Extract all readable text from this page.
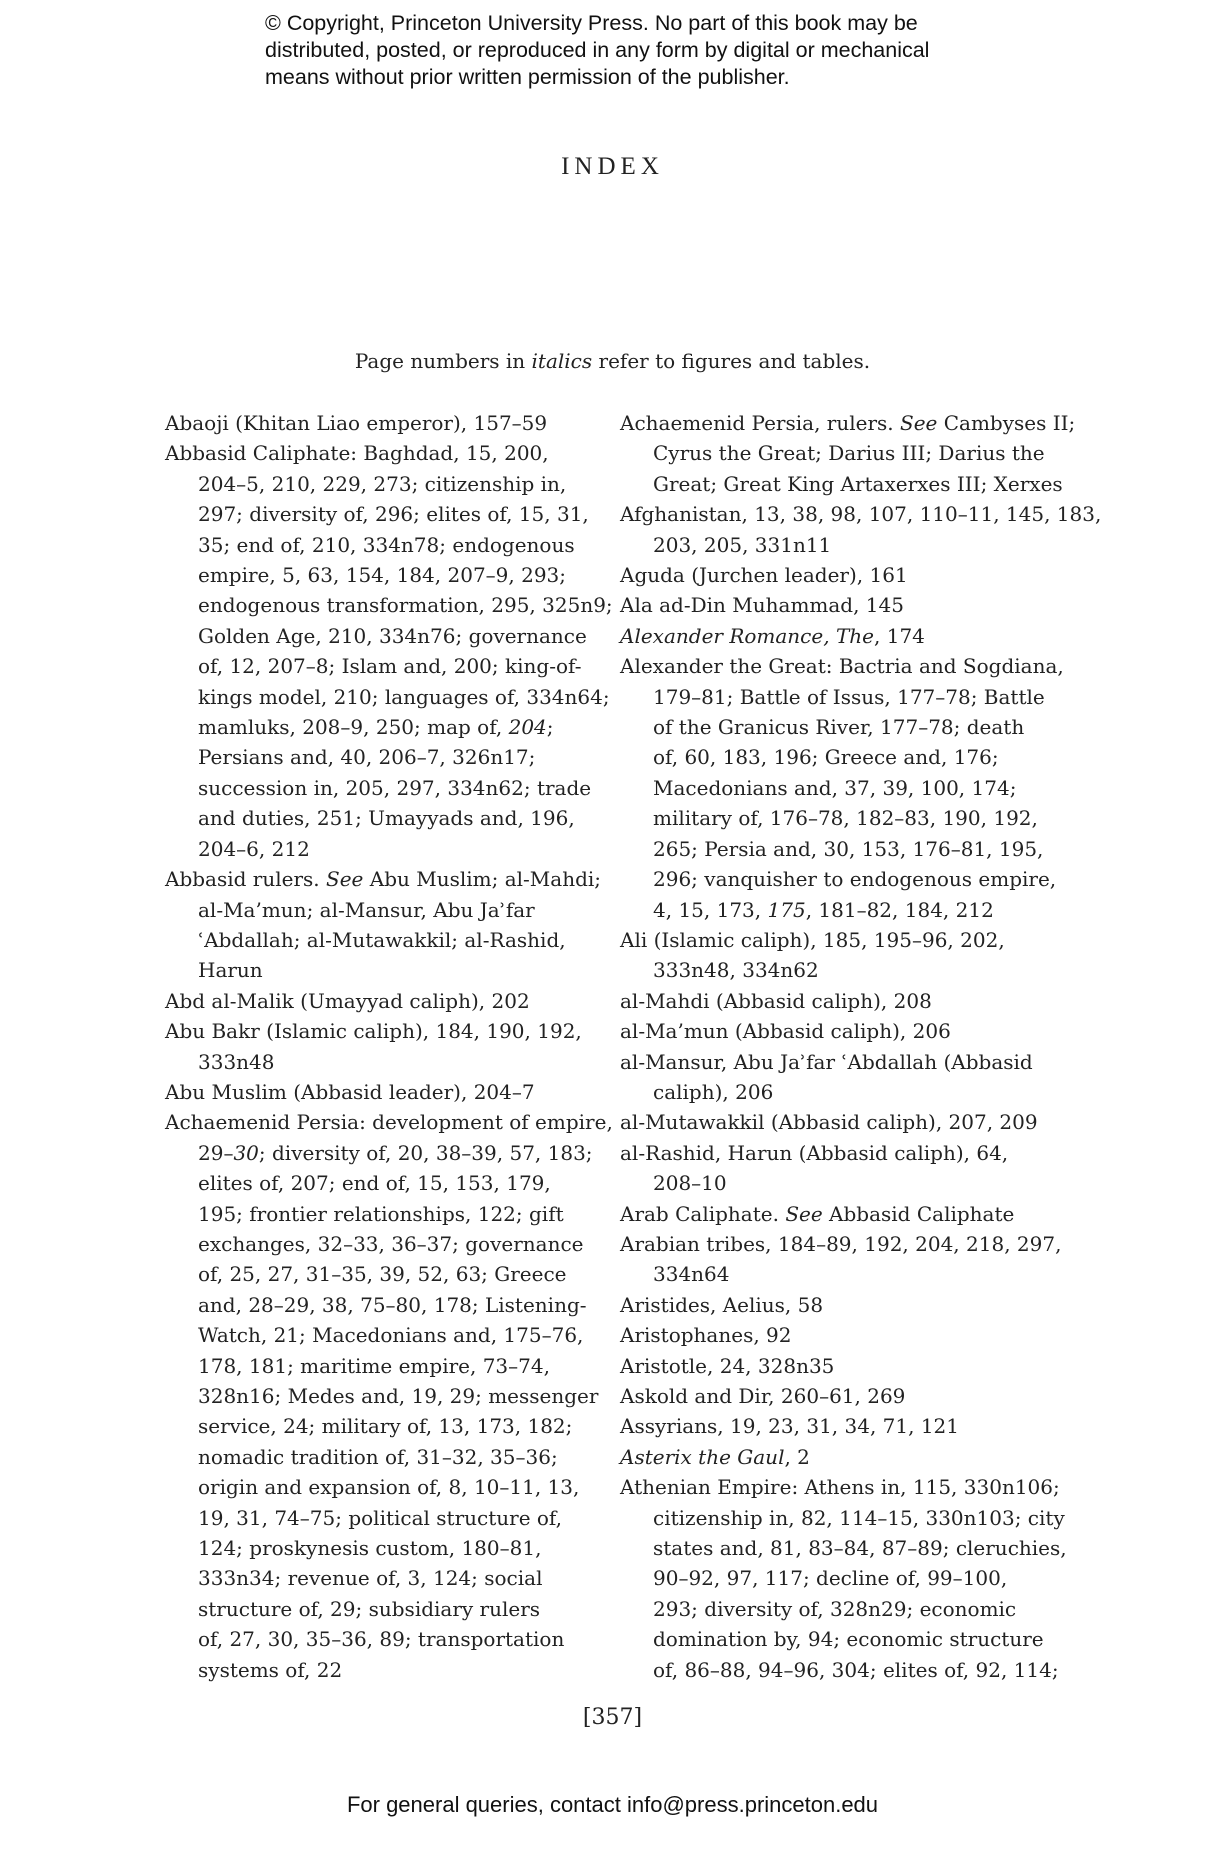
© Copyright, Princeton University Press. No part of this book may be
distributed, posted, or reproduced in any form by digital or mechanical
means without prior written permission of the publisher.
INDEX
Page numbers in italics refer to figures and tables.
Abaoji (Khitan Liao emperor), 157–59
Abbasid Caliphate: Baghdad, 15, 200,
204–5, 210, 229, 273; citizenship in,
297; diversity of, 296; elites of, 15, 31,
35; end of, 210, 334n78; endogenous
empire, 5, 63, 154, 184, 207–9, 293;
endogenous transformation, 295, 325n9;
Golden Age, 210, 334n76; governance
of, 12, 207–8; Islam and, 200; king-of-
kings model, 210; languages of, 334n64;
mamluks, 208–9, 250; map of, 204;
Persians and, 40, 206–7, 326n17;
succession in, 205, 297, 334n62; trade
and duties, 251; Umayyads and, 196,
204–6, 212
Abbasid rulers. See Abu Muslim; al-Mahdi;
al-Ma’mun; al-Mansur, Abu Jaʾfar
ʿAbdallah; al-Mutawakkil; al-Rashid,
Harun
Abd al-Malik (Umayyad caliph), 202
Abu Bakr (Islamic caliph), 184, 190, 192,
333n48
Abu Muslim (Abbasid leader), 204–7
Achaemenid Persia: development of empire,
29–30; diversity of, 20, 38–39, 57, 183;
elites of, 207; end of, 15, 153, 179,
195; frontier relationships, 122; gift
exchanges, 32–33, 36–37; governance
of, 25, 27, 31–35, 39, 52, 63; Greece
and, 28–29, 38, 75–80, 178; Listening-
Watch, 21; Macedonians and, 175–76,
178, 181; maritime empire, 73–74,
328n16; Medes and, 19, 29; messenger
service, 24; military of, 13, 173, 182;
nomadic tradition of, 31–32, 35–36;
origin and expansion of, 8, 10–11, 13,
19, 31, 74–75; political structure of,
124; proskynesis custom, 180–81,
333n34; revenue of, 3, 124; social
structure of, 29; subsidiary rulers
of, 27, 30, 35–36, 89; transportation
systems of, 22
Achaemenid Persia, rulers. See Cambyses II;
Cyrus the Great; Darius III; Darius the
Great; Great King Artaxerxes III; Xerxes
Afghanistan, 13, 38, 98, 107, 110–11, 145, 183,
203, 205, 331n11
Aguda (Jurchen leader), 161
Ala ad-Din Muhammad, 145
Alexander Romance, The, 174
Alexander the Great: Bactria and Sogdiana,
179–81; Battle of Issus, 177–78; Battle
of the Granicus River, 177–78; death
of, 60, 183, 196; Greece and, 176;
Macedonians and, 37, 39, 100, 174;
military of, 176–78, 182–83, 190, 192,
265; Persia and, 30, 153, 176–81, 195,
296; vanquisher to endogenous empire,
4, 15, 173, 175, 181–82, 184, 212
Ali (Islamic caliph), 185, 195–96, 202,
333n48, 334n62
al-Mahdi (Abbasid caliph), 208
al-Ma’mun (Abbasid caliph), 206
al-Mansur, Abu Jaʾfar ʿAbdallah (Abbasid
caliph), 206
al-Mutawakkil (Abbasid caliph), 207, 209
al-Rashid, Harun (Abbasid caliph), 64,
208–10
Arab Caliphate. See Abbasid Caliphate
Arabian tribes, 184–89, 192, 204, 218, 297,
334n64
Aristides, Aelius, 58
Aristophanes, 92
Aristotle, 24, 328n35
Askold and Dir, 260–61, 269
Assyrians, 19, 23, 31, 34, 71, 121
Asterix the Gaul, 2
Athenian Empire: Athens in, 115, 330n106;
citizenship in, 82, 114–15, 330n103; city
states and, 81, 83–84, 87–89; cleruchies,
90–92, 97, 117; decline of, 99–100,
293; diversity of, 328n29; economic
domination by, 94; economic structure
of, 86–88, 94–96, 304; elites of, 92, 114;
[357]
For general queries, contact info@press.princeton.edu
